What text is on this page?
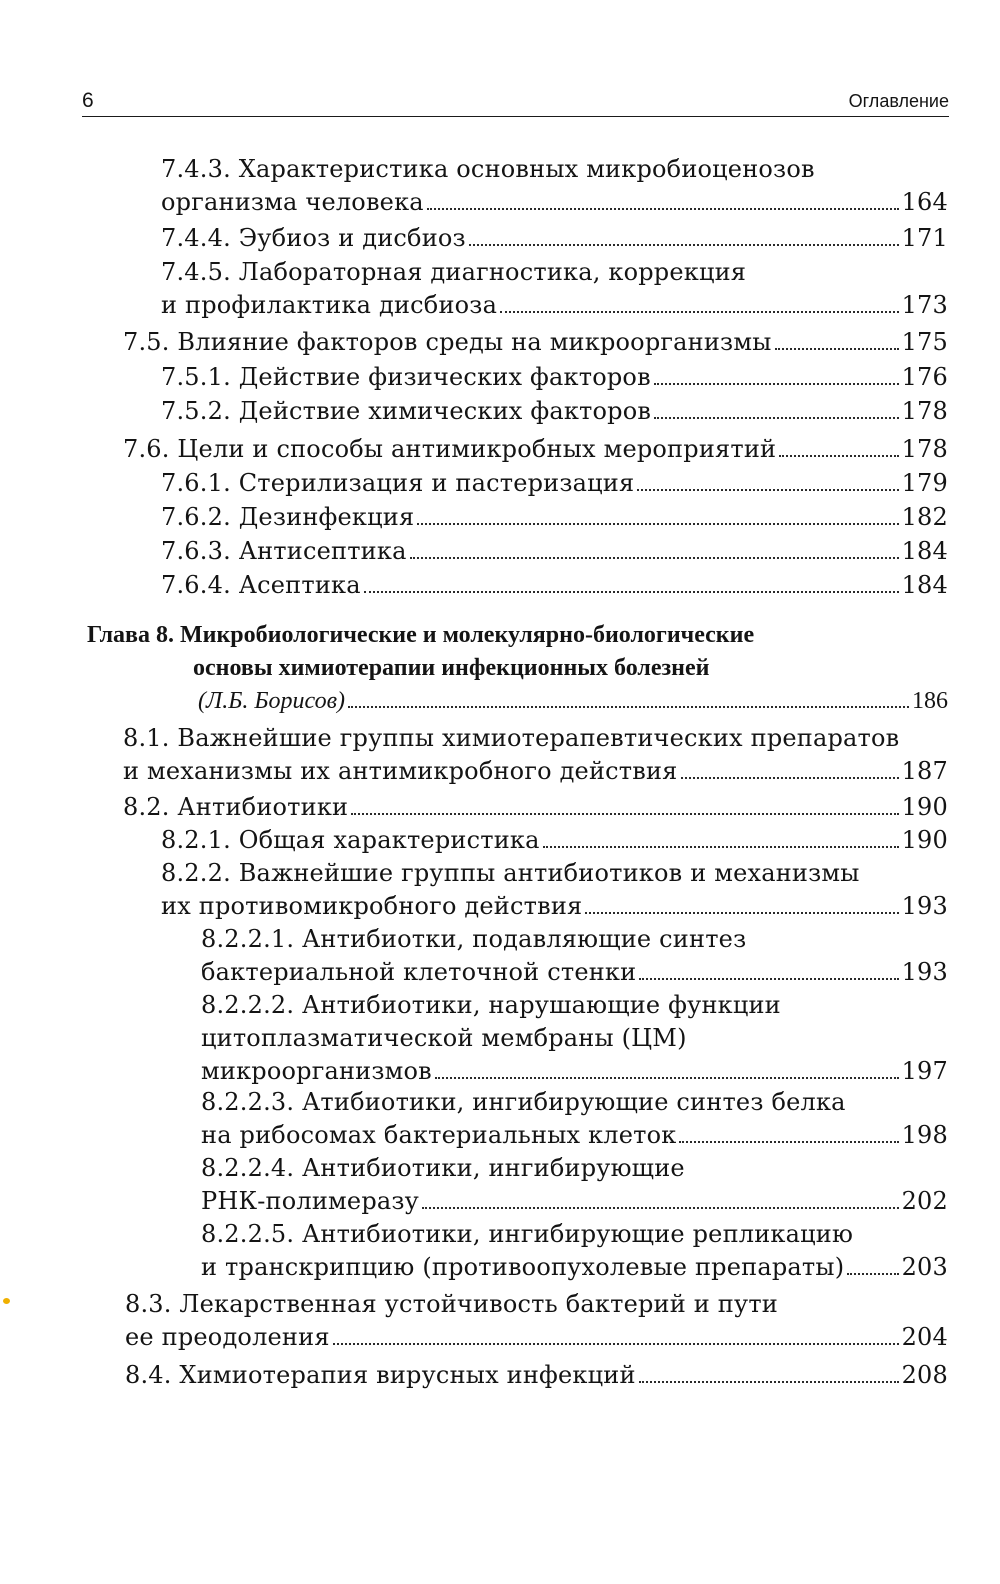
6	Оглавление
7.4.3. Характеристика основных микробиоценозов
организма человека	164
7.4.4. Эубиоз и дисбиоз	171
7.4.5. Лабораторная диагностика, коррекция
и профилактика дисбиоза	173
7.5. Влияние факторов среды на микроорганизмы	175
7.5.1. Действие физических факторов	176
7.5.2. Действие химических факторов	178
7.6. Цели и способы антимикробных мероприятий	178
7.6.1. Стерилизация и пастеризация	179
7.6.2. Дезинфекция	182
7.6.3. Антисептика	184
7.6.4. Асептика	184
Глава 8. Микробиологические и молекулярно-биологические
основы химиотерапии инфекционных болезней
(Л.Б. Борисов)	186
8.1. Важнейшие группы химиотерапевтических препаратов
и механизмы их антимикробного действия	187
8.2. Антибиотики	190
8.2.1. Общая характеристика	190
8.2.2. Важнейшие группы антибиотиков и механизмы
их противомикробного действия	193
8.2.2.1. Антибиотки, подавляющие синтез
бактериальной клеточной стенки	193
8.2.2.2. Антибиотики, нарушающие функции
цитоплазматической мембраны (ЦМ)
микроорганизмов	197
8.2.2.3. Атибиотики, ингибирующие синтез белка
на рибосомах бактериальных клеток	198
8.2.2.4. Антибиотики, ингибирующие
РНК-полимеразу	202
8.2.2.5. Антибиотики, ингибирующие репликацию
и транскрипцию (противоопухолевые препараты) 203
8.3. Лекарственная устойчивость бактерий и пути
ее преодоления	204
8.4. Химиотерапия вирусных инфекций	208
